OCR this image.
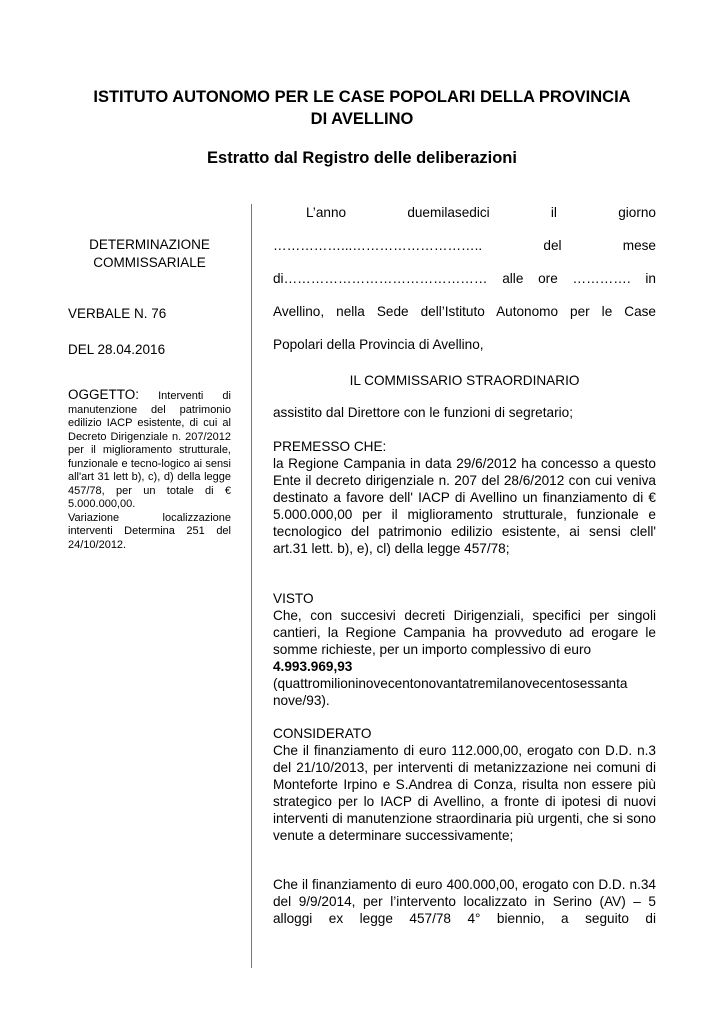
ISTITUTO AUTONOMO PER LE CASE POPOLARI DELLA PROVINCIA
DI AVELLINO
Estratto dal Registro delle deliberazioni
DETERMINAZIONE
COMMISSARIALE
VERBALE N. 76
DEL 28.04.2016

OGGETTO: Interventi di manutenzione del patrimonio edilizio IACP esistente, di cui al Decreto Dirigenziale n. 207/2012 per il miglioramento strutturale, funzionale e tecno-logico ai sensi all'art 31 lett b), c), d) della legge 457/78, per un totale di € 5.000.000,00.

Variazione localizzazione interventi Determina 251 del 24/10/2012.

L’anno	duemilasedici	il	giorno
……………...………………………..	del	mese
di……………………………………… alle ore …………. in
Avellino, nella Sede dell’Istituto Autonomo per le Case
Popolari della Provincia di Avellino,
IL COMMISSARIO STRAORDINARIO
assistito dal Direttore con le funzioni di segretario;
PREMESSO CHE:

la Regione Campania in data 29/6/2012 ha concesso a questo Ente il decreto dirigenziale n. 207 del 28/6/2012 con cui veniva destinato a favore dell' IACP di Avellino un finanziamento di € 5.000.000,00 per il miglioramento strutturale, funzionale e tecnologico del patrimonio edilizio esistente, ai sensi clell' art.31 lett. b), e), cl) della legge 457/78;

VISTO

Che, con succesivi decreti Dirigenziali, specifici per singoli cantieri, la Regione Campania ha provveduto ad erogare le somme richieste, per un importo complessivo di euro
4.993.969,93

(quattromilioninovecentonovantatremilanovecentosessanta
nove/93).
CONSIDERATO

Che il finanziamento di euro 112.000,00, erogato con D.D. n.3 del 21/10/2013, per interventi di metanizzazione nei comuni di Monteforte Irpino e S.Andrea di Conza, risulta non essere più strategico per lo IACP di Avellino, a fronte di ipotesi di nuovi interventi di manutenzione straordinaria più urgenti, che si sono venute a determinare successivamente;

Che il finanziamento di euro 400.000,00, erogato con D.D. n.34 del 9/9/2014, per l’intervento localizzato in Serino (AV) – 5 alloggi ex legge 457/78 4° biennio, a seguito di
